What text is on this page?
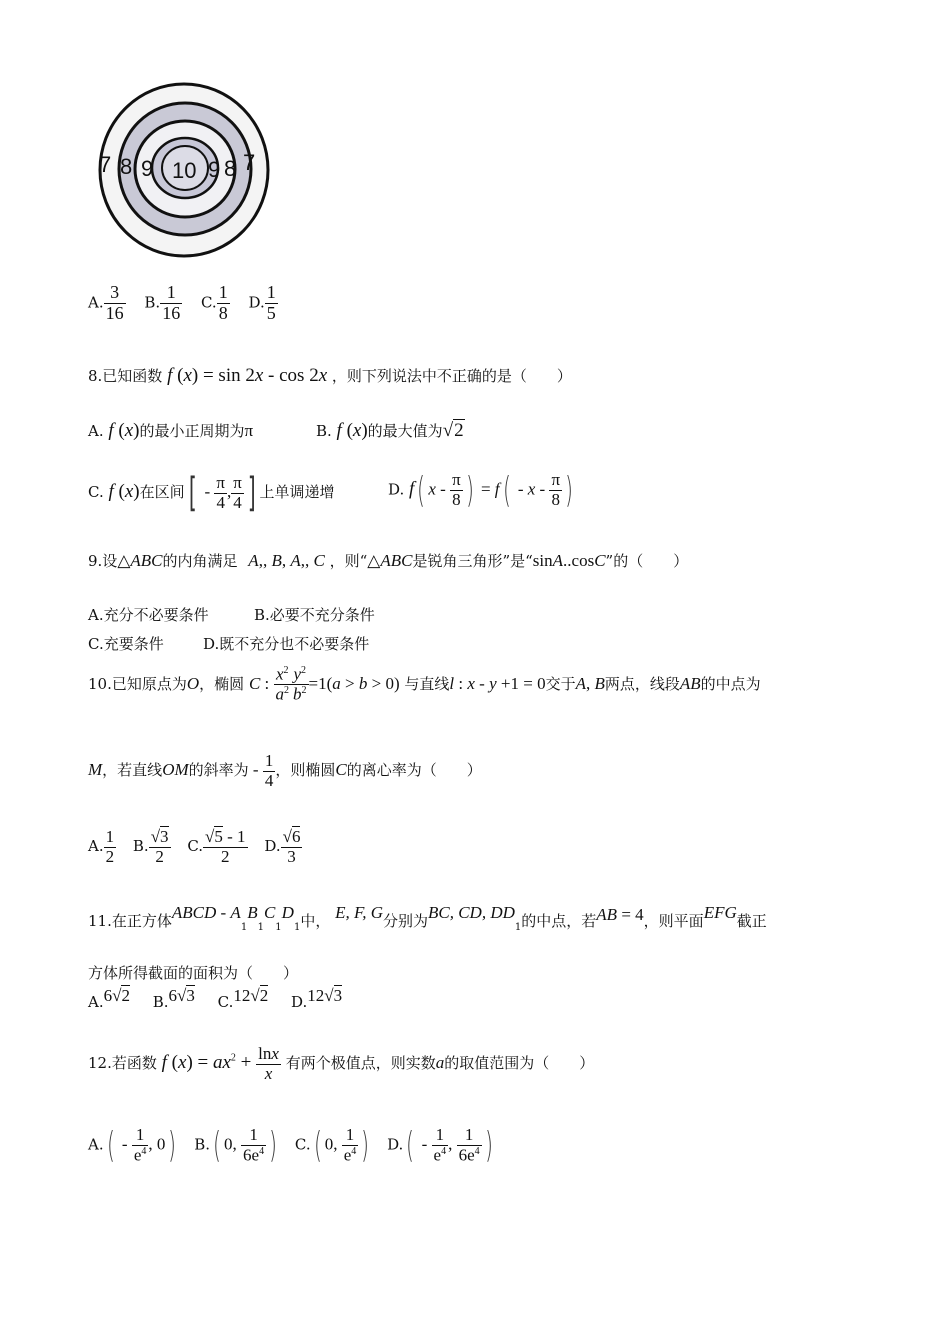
7 8 9 10 9 8 7
A. $\frac{3}{16} B$. $\frac{1}{16} C$. $\frac{1}{8} D$. $\frac{1}{5}$
8.已知函数 f (x) = sin 2x - cos 2x ，则下列说法中不正确的是（　　）
A. f (x)的最小正周期为π	B. f (x)的最大值为√2
C. f (x)在区间[ - $\frac{\pi}{4}$ , $\frac{\pi}{4}$ ] 上单调递增	D. f( x - $\frac{\pi}{8}$ ) = f( - x - $\frac{\pi}{8}$ )
9.设△ABC的内角满足 A,, B, A,, C ，则“△ABC是锐角三角形”是“sinA..cosC”的（　　）
A.充分不必要条件	B.必要不充分条件
C.充要条件	D.既不充分也不必要条件
10.已知原点为O，椭圆 C : $\frac{x^2}{a^2} \frac{y^2}{b^2} =1(a > b > 0)$ 与直线l : x - y +1 = 0交于A, B两点，线段AB的中点为
M，若直线OM的斜率为 - $\frac{1}{4}$ ，则椭圆C的离心率为（　　）
A. $\frac{1}{2} B$. $\frac{√3}{2} C$. $\frac{√5 - 1}{2} D$. $\frac{√6}{3}$
11.在正方体ABCD - $A_1B_1C_1D_1$中， E, F, G分别为BC, CD, $DD_1$的中点，若AB = 4，则平面EFG截正
方体所得截面的面积为（　　）
A.6√2 B.6√3 C.12√2 D.12√3
12.若函数 f $(x) = ax^2 + \frac{\ln x}{x}$ 有两个极值点，则实数a的取值范围为（　　）
$A.( - \frac{1}{e^4}$ , 0) B.( 0, $\frac{1}{6e^4}$ ) C.( 0, $\frac{1}{e^4}$ ) $D.( - \frac{1}{e^4}$ , $\frac{1}{6e^4}$ )
